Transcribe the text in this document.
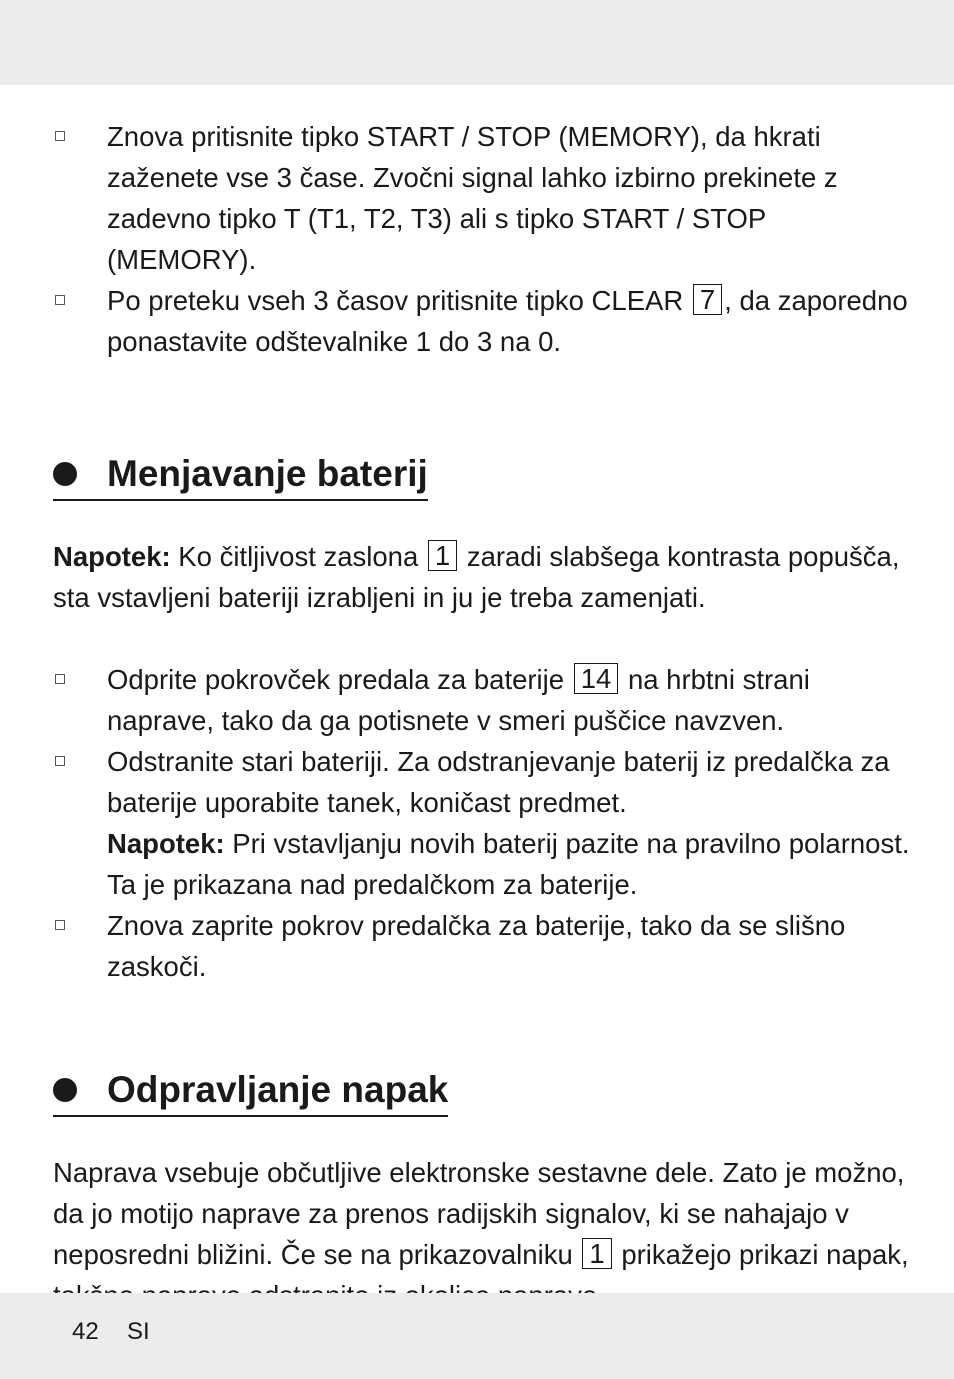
Znova pritisnite tipko START / STOP (MEMORY), da hkrati zaženete vse 3 čase. Zvočni signal lahko izbirno prekinete z zadevno tipko T (T1, T2, T3) ali s tipko START / STOP (MEMORY).
Po preteku vseh 3 časov pritisnite tipko CLEAR 7 , da zaporedno ponastavite odštevalnike 1 do 3 na 0.
Menjavanje baterij

Napotek: Ko čitljivost zaslona 1 zaradi slabšega kontrasta popušča, sta vstavljeni bateriji izrabljeni in ju je treba zamenjati.

Odprite pokrovček predala za baterije 14 na hrbtni strani naprave, tako da ga potisnete v smeri puščice navzven.
Odstranite stari bateriji. Za odstranjevanje baterij iz predalčka za baterije uporabite tanek, koničast predmet.
Napotek: Pri vstavljanju novih baterij pazite na pravilno polarnost. Ta je prikazana nad predalčkom za baterije.
Znova zaprite pokrov predalčka za baterije, tako da se slišno zaskoči.
Odpravljanje napak

Naprava vsebuje občutljive elektronske sestavne dele. Zato je možno, da jo motijo naprave za prenos radijskih signalov, ki se nahajajo v neposredni bližini. Če se na prikazovalniku 1 prikažejo prikazi napak,

42 SI
